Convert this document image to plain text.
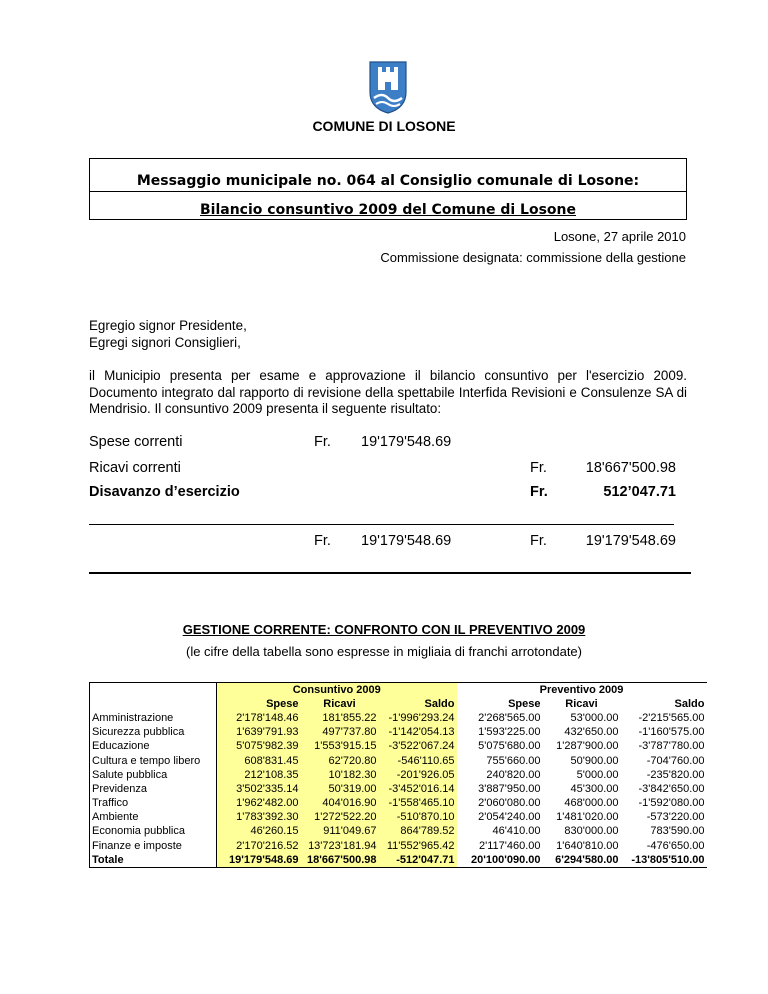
COMUNE DI LOSONE
Messaggio municipale no. 064 al Consiglio comunale di Losone:
Bilancio consuntivo 2009 del Comune di Losone
Losone, 27 aprile 2010
Commissione designata: commissione della gestione
Egregio signor Presidente,
Egregi signori Consiglieri,
il Municipio presenta per esame e approvazione il bilancio consuntivo per l'esercizio 2009. Documento integrato dal rapporto di revisione della spettabile Interfida Revisioni e Consulenze SA di Mendrisio. Il consuntivo 2009 presenta il seguente risultato:
Spese correnti	Fr. 19'179'548.69
Ricavi correnti	Fr.	18'667'500.98
Disavanzo d’esercizio	Fr.	512’047.71
Fr. 19'179'548.69	Fr.	19'179'548.69
GESTIONE CORRENTE: CONFRONTO CON IL PREVENTIVO 2009
(le cifre della tabella sono espresse in migliaia di franchi arrotondate)
	Consuntivo 2009			Preventivo 2009		
	Spese	Ricavi	Saldo	Spese	Ricavi	Saldo
Amministrazione	2'178'148.46	181'855.22	-1'996'293.24	2'268'565.00	53'000.00	-2'215'565.00
Sicurezza pubblica	1'639'791.93	497'737.80	-1'142'054.13	1'593'225.00	432'650.00	-1'160'575.00
Educazione	5'075'982.39	1'553'915.15	-3'522'067.24	5'075'680.00	1'287'900.00	-3'787'780.00
Cultura e tempo libero	608'831.45	62'720.80	-546'110.65	755'660.00	50'900.00	-704'760.00
Salute pubblica	212'108.35	10'182.30	-201'926.05	240'820.00	5'000.00	-235'820.00
Previdenza	3'502'335.14	50'319.00	-3'452'016.14	3'887'950.00	45'300.00	-3'842'650.00
Traffico	1'962'482.00	404'016.90	-1'558'465.10	2'060'080.00	468'000.00	-1'592'080.00
Ambiente	1'783'392.30	1'272'522.20	-510'870.10	2'054'240.00	1'481'020.00	-573'220.00
Economia pubblica	46'260.15	911'049.67	864'789.52	46'410.00	830'000.00	783'590.00
Finanze e imposte	2'170'216.52	13'723'181.94	11'552'965.42	2'117'460.00	1'640'810.00	-476'650.00
Totale	19'179'548.69	18'667'500.98	-512'047.71	20'100'090.00	6'294'580.00	-13'805'510.00
